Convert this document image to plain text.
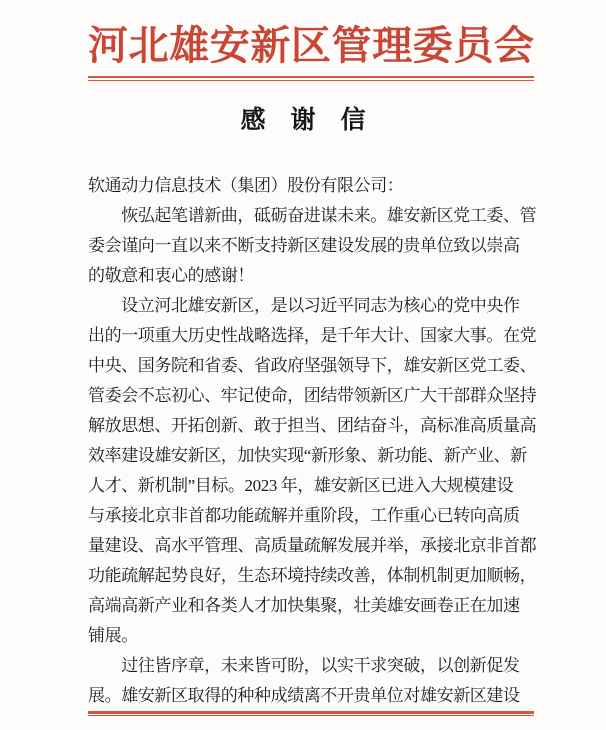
河北雄安新区管理委员会
感　谢　信
软通动力信息技术（集团）股份有限公司：
　　恢弘起笔谱新曲，砥砺奋进谋未来。雄安新区党工委、管
委会谨向一直以来不断支持新区建设发展的贵单位致以崇高
的敬意和衷心的感谢！
　　设立河北雄安新区，是以习近平同志为核心的党中央作
出的一项重大历史性战略选择，是千年大计、国家大事。在党
中央、国务院和省委、省政府坚强领导下，雄安新区党工委、
管委会不忘初心、牢记使命，团结带领新区广大干部群众坚持
解放思想、开拓创新、敢于担当、团结奋斗，高标准高质量高
效率建设雄安新区，加快实现“新形象、新功能、新产业、新
人才、新机制”目标。2023 年，雄安新区已进入大规模建设
与承接北京非首都功能疏解并重阶段，工作重心已转向高质
量建设、高水平管理、高质量疏解发展并举，承接北京非首都
功能疏解起势良好，生态环境持续改善，体制机制更加顺畅，
高端高新产业和各类人才加快集聚，壮美雄安画卷正在加速
铺展。
　　过往皆序章，未来皆可盼，以实干求突破，以创新促发
展。雄安新区取得的种种成绩离不开贵单位对雄安新区建设
